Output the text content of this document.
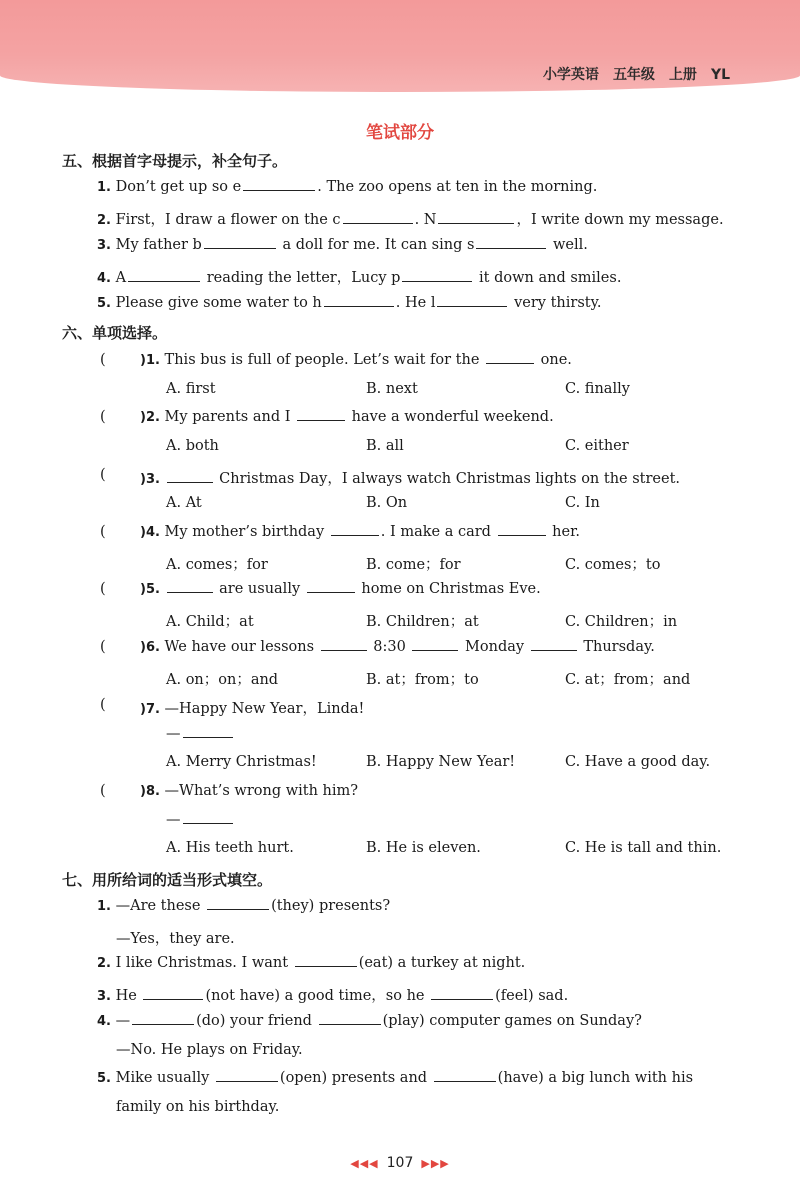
小学英语 五年级 上册 YL
笔试部分
五、根据首字母提示，补全句子。
1. Don’t get up so e	. The zoo opens at ten in the morning.
2. First，I draw a flower on the c	. N	，I write down my message.
3. My father b	a doll for me. It can sing s	well.
4. A	reading the letter，Lucy p	it down and smiles.
5. Please give some water to h	. He l	very thirsty.
六、单项选择。
(	)1. This bus is full of people. Let’s wait for the	one.
A. first	B. next	C. finally
(	)2. My parents and I	have a wonderful weekend.
A. both	B. all	C. either
(	)3.	Christmas Day，I always watch Christmas lights on the street.
A. At	B. On	C. In
(	)4. My mother’s birthday	. I make a card	her.
A. comes；for	B. come；for	C. comes；to
(	)5.	are usually	home on Christmas Eve.
A. Child；at	B. Children；at	C. Children；in
(	)6. We have our lessons	8:30	Monday	Thursday.
A. on；on；and	B. at；from；to	C. at；from；and
(	)7. —Happy New Year，Linda!
—
A. Merry Christmas!	B. Happy New Year!	C. Have a good day.
(	)8. —What’s wrong with him?
—
A. His teeth hurt.	B. He is eleven.	C. He is tall and thin.
七、用所给词的适当形式填空。
1. —Are these	(they) presents?
—Yes，they are.
2. I like Christmas. I want	(eat) a turkey at night.
3. He	(not have) a good time，so he	(feel) sad.
4. —	(do) your friend	(play) computer games on Sunday?
—No. He plays on Friday.
5. Mike usually	(open) presents and	(have) a big lunch with his
family on his birthday.
◀◀◀ 107 ▶▶▶
